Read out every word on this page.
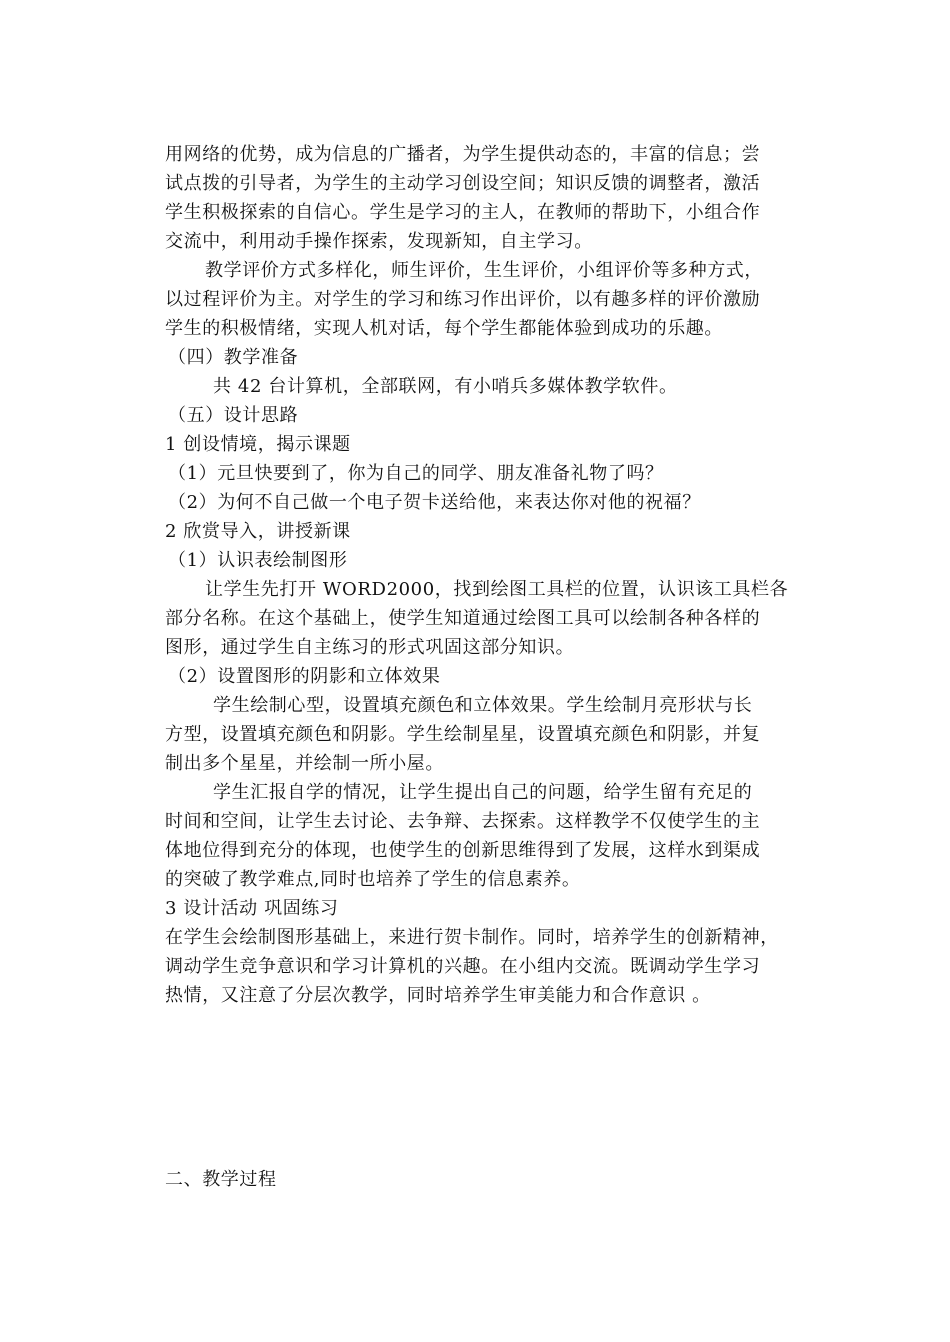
用网络的优势，成为信息的广播者，为学生提供动态的，丰富的信息；尝
试点拨的引导者，为学生的主动学习创设空间；知识反馈的调整者，激活
学生积极探索的自信心。学生是学习的主人，在教师的帮助下，小组合作
交流中，利用动手操作探索，发现新知，自主学习。
教学评价方式多样化，师生评价，生生评价，小组评价等多种方式，
以过程评价为主。对学生的学习和练习作出评价，以有趣多样的评价激励
学生的积极情绪，实现人机对话，每个学生都能体验到成功的乐趣。
（四）教学准备
共 42 台计算机，全部联网，有小哨兵多媒体教学软件。
（五）设计思路
1 创设情境，揭示课题
（1）元旦快要到了，你为自己的同学、朋友准备礼物了吗？
（2）为何不自己做一个电子贺卡送给他，来表达你对他的祝福？
2 欣赏导入，讲授新课
（1）认识表绘制图形
让学生先打开 WORD2000，找到绘图工具栏的位置，认识该工具栏各
部分名称。在这个基础上，使学生知道通过绘图工具可以绘制各种各样的
图形，通过学生自主练习的形式巩固这部分知识。
（2）设置图形的阴影和立体效果
学生绘制心型，设置填充颜色和立体效果。学生绘制月亮形状与长
方型，设置填充颜色和阴影。学生绘制星星，设置填充颜色和阴影，并复
制出多个星星，并绘制一所小屋。
学生汇报自学的情况，让学生提出自己的问题，给学生留有充足的
时间和空间，让学生去讨论、去争辩、去探索。这样教学不仅使学生的主
体地位得到充分的体现，也使学生的创新思维得到了发展，这样水到渠成
的突破了教学难点,同时也培养了学生的信息素养。
3 设计活动 巩固练习
在学生会绘制图形基础上，来进行贺卡制作。同时，培养学生的创新精神，
调动学生竞争意识和学习计算机的兴趣。在小组内交流。既调动学生学习
热情，又注意了分层次教学，同时培养学生审美能力和合作意识 。
二、教学过程
